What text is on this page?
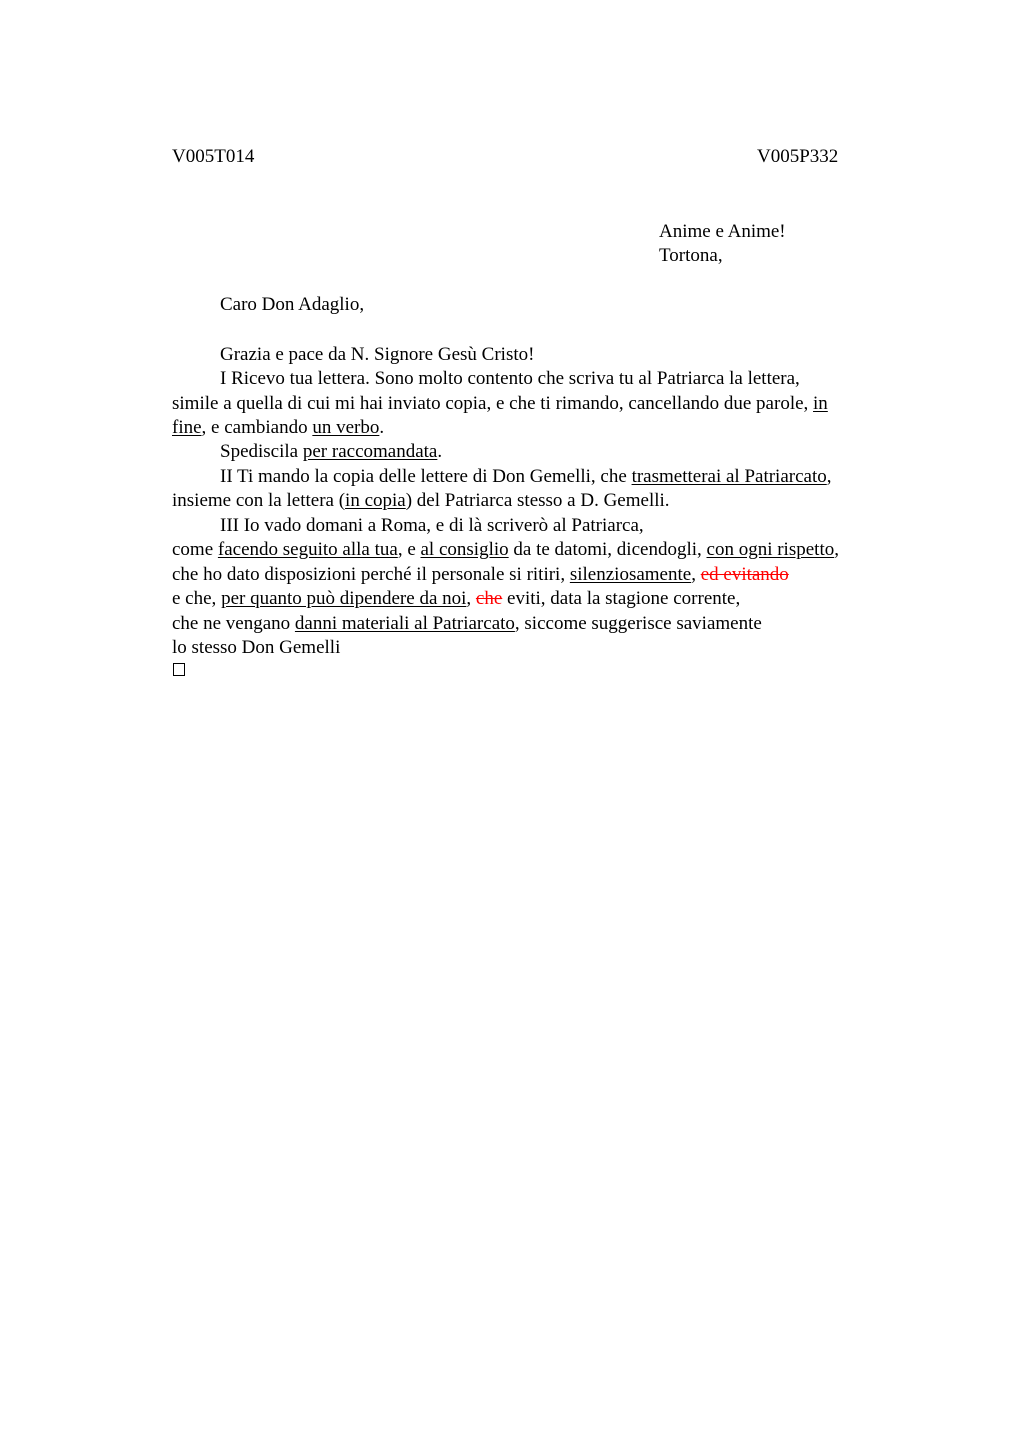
V005T014	V005P332
Anime e Anime!
Tortona,
Caro Don Adaglio,
Grazia e pace da N. Signore Gesù Cristo!
I Ricevo tua lettera. Sono molto contento che scriva tu al Patriarca la lettera,
simile a quella di cui mi hai inviato copia, e che ti rimando, cancellando due parole, in
fine, e cambiando un verbo.
Spediscila per raccomandata.
II Ti mando la copia delle lettere di Don Gemelli, che trasmetterai al Patriarcato,
insieme con la lettera (in copia) del Patriarca stesso a D. Gemelli.
III Io vado domani a Roma, e di là scriverò al Patriarca,
come facendo seguito alla tua, e al consiglio da te datomi, dicendogli, con ogni rispetto,
che ho dato disposizioni perché il personale si ritiri, silenziosamente, ed evitando
e che, per quanto può dipendere da noi, che eviti, data la stagione corrente,
che ne vengano danni materiali al Patriarcato, siccome suggerisce saviamente
lo stesso Don Gemelli
